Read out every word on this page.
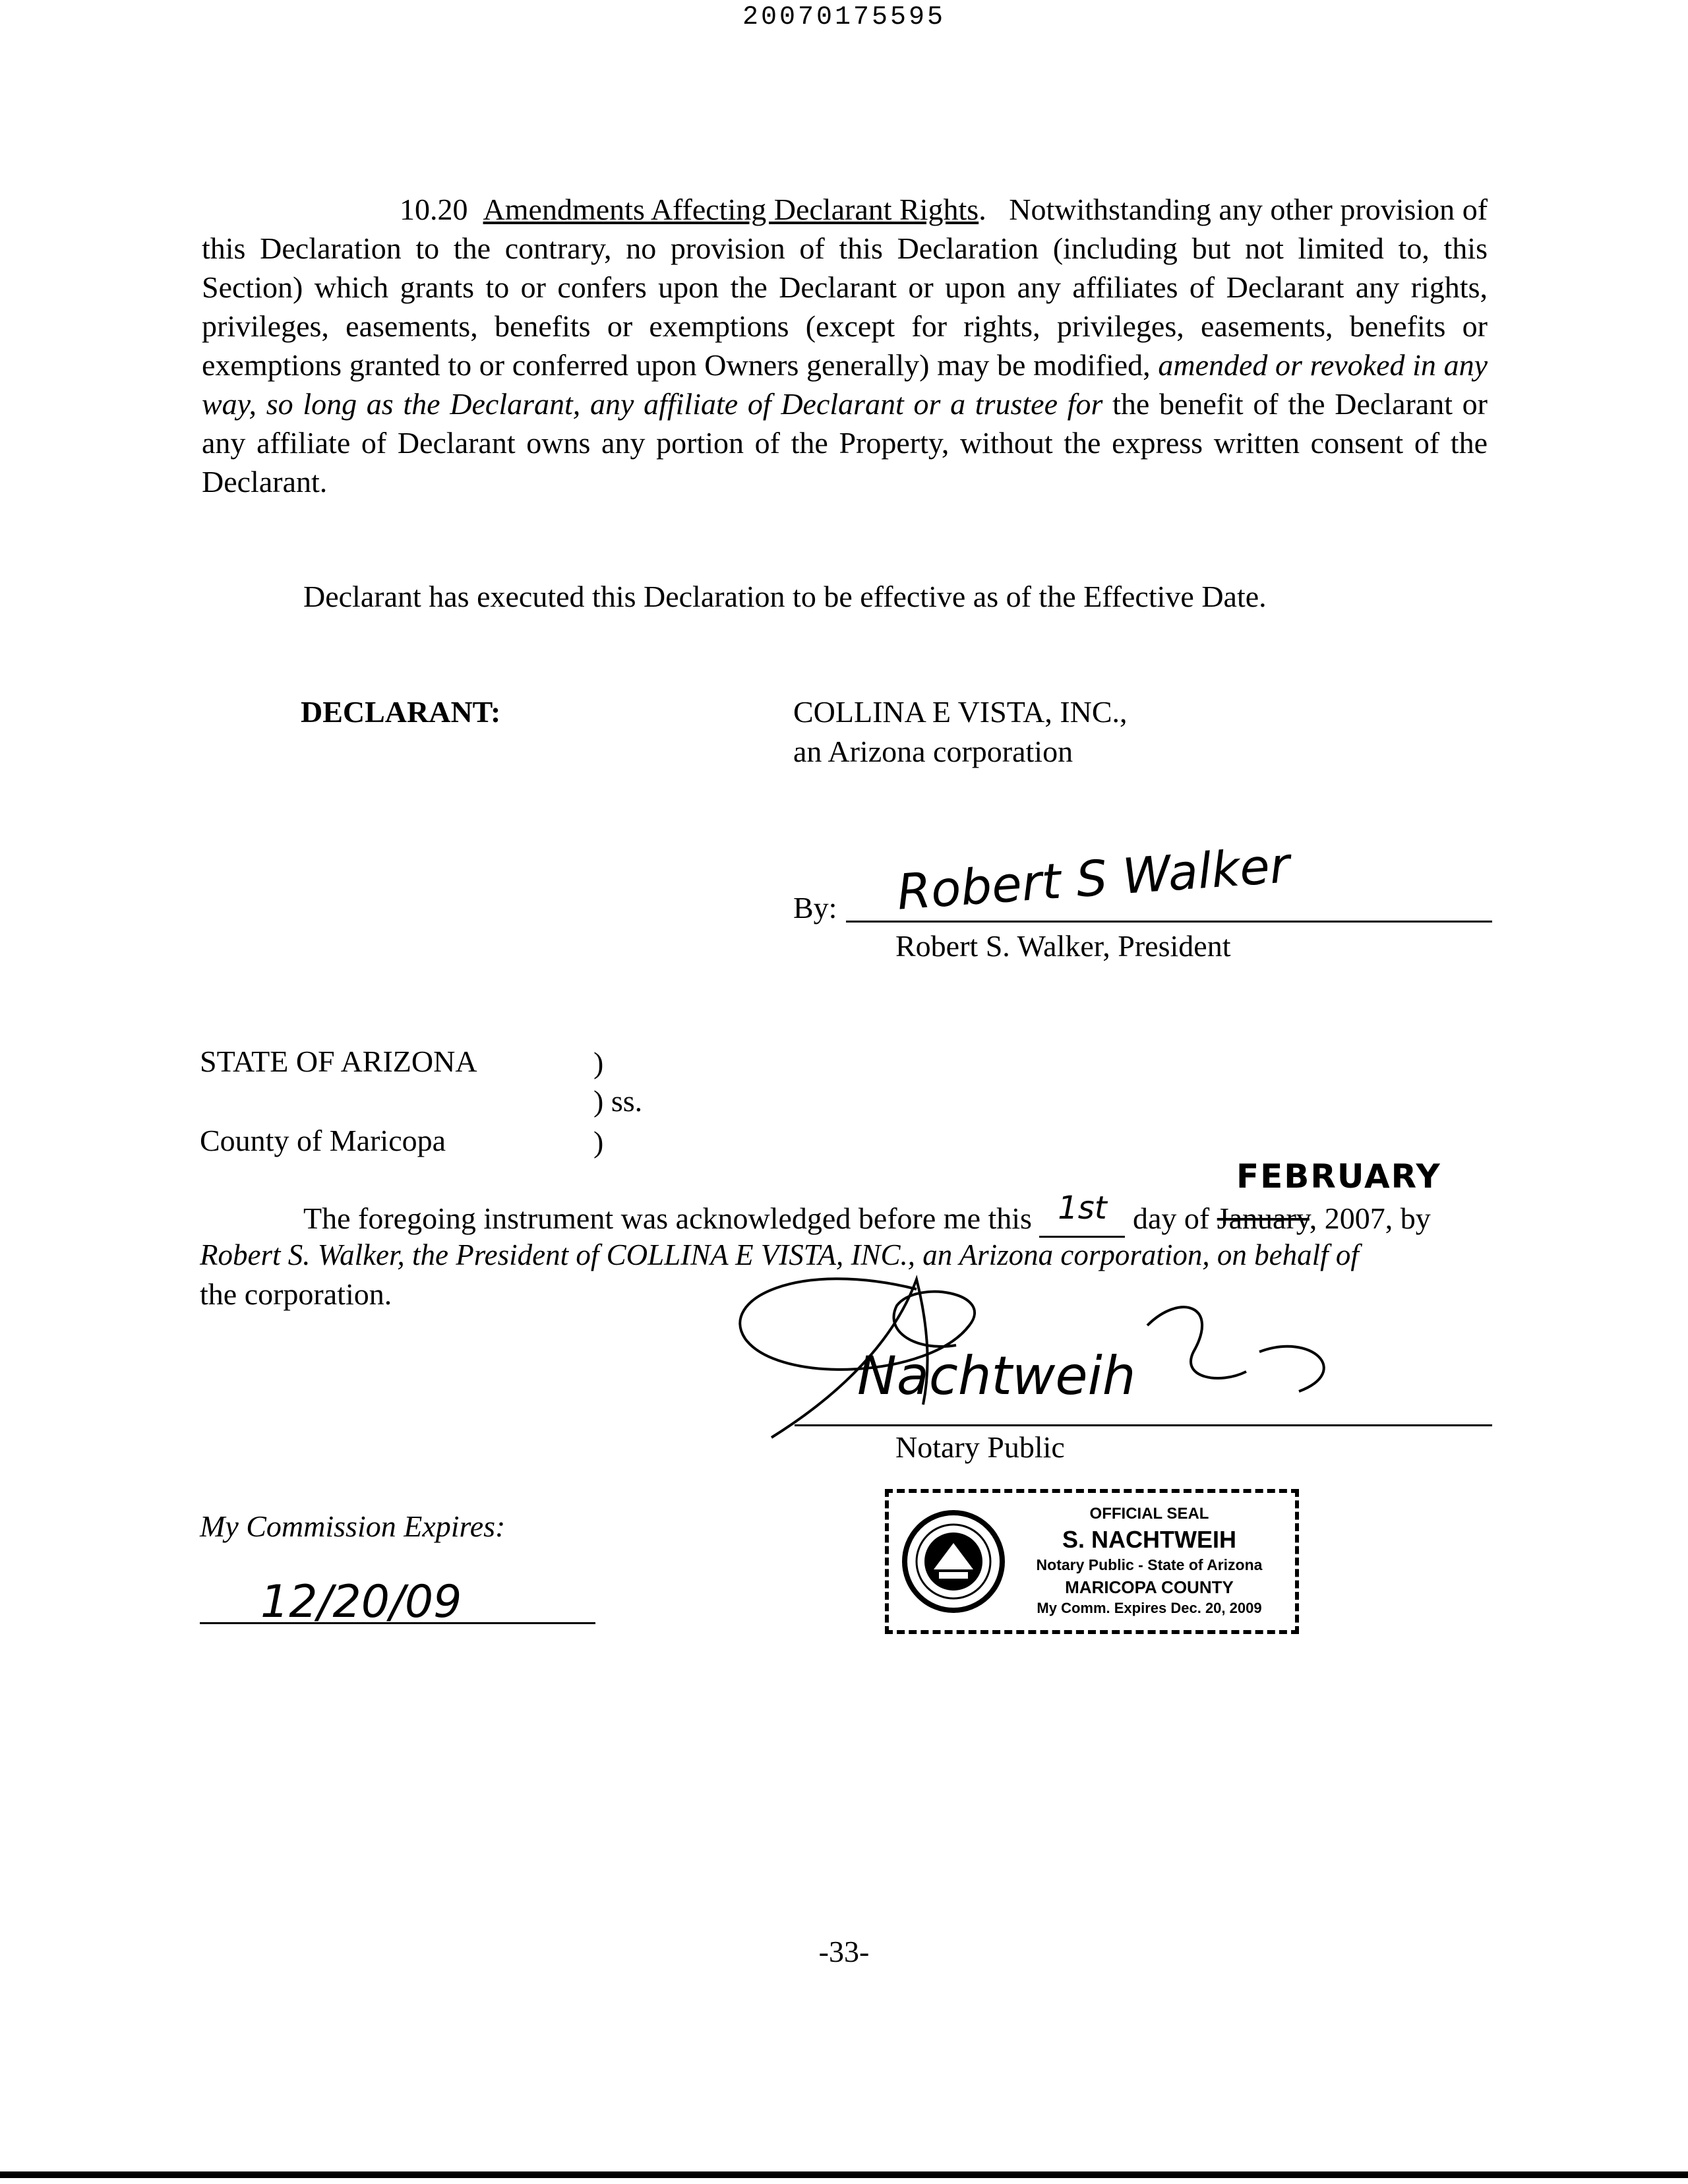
20070175595
10.20 Amendments Affecting Declarant Rights.   Notwithstanding any other provision of this Declaration to the contrary, no provision of this Declaration (including but not limited to, this Section) which grants to or confers upon the Declarant or upon any affiliates of Declarant any rights, privileges, easements, benefits or exemptions (except for rights, privileges, easements, benefits or exemptions granted to or conferred upon Owners generally) may be modified, amended or revoked in any way, so long as the Declarant, any affiliate of Declarant or a trustee for the benefit of the Declarant or any affiliate of Declarant owns any portion of the Property, without the express written consent of the Declarant.
Declarant has executed this Declaration to be effective as of the Effective Date.
DECLARANT:	COLLINA E VISTA, INC.,
an Arizona corporation
By: Robert S Walker
Robert S. Walker, President
STATE OF ARIZONA	)
) ss.
County of Maricopa	)
FEBRUARY
The foregoing instrument was acknowledged before me this 1st day of January, 2007, by
Robert S. Walker, the President of COLLINA E VISTA, INC., an Arizona corporation, on behalf of
the corporation.
Nachtweih
Notary Public
My Commission Expires:
12/20/09
OFFICIAL SEAL
S. NACHTWEIH
Notary Public - State of Arizona
MARICOPA COUNTY
My Comm. Expires Dec. 20, 2009
-33-
